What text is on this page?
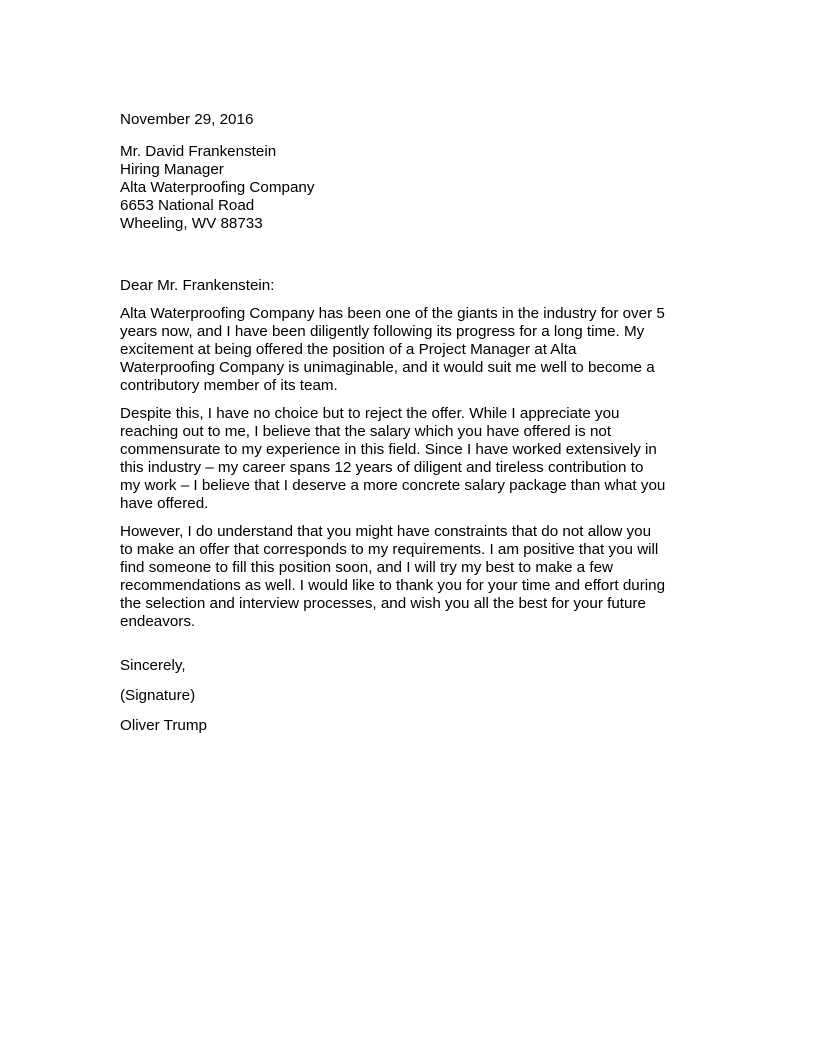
November 29, 2016
Mr. David Frankenstein
Hiring Manager
Alta Waterproofing Company
6653 National Road
Wheeling, WV 88733
Dear Mr. Frankenstein:
Alta Waterproofing Company has been one of the giants in the industry for over 5
years now, and I have been diligently following its progress for a long time. My
excitement at being offered the position of a Project Manager at Alta
Waterproofing Company is unimaginable, and it would suit me well to become a
contributory member of its team.
Despite this, I have no choice but to reject the offer. While I appreciate you
reaching out to me, I believe that the salary which you have offered is not
commensurate to my experience in this field. Since I have worked extensively in
this industry – my career spans 12 years of diligent and tireless contribution to
my work – I believe that I deserve a more concrete salary package than what you
have offered.
However, I do understand that you might have constraints that do not allow you
to make an offer that corresponds to my requirements. I am positive that you will
find someone to fill this position soon, and I will try my best to make a few
recommendations as well. I would like to thank you for your time and effort during
the selection and interview processes, and wish you all the best for your future
endeavors.
Sincerely,
(Signature)
Oliver Trump
